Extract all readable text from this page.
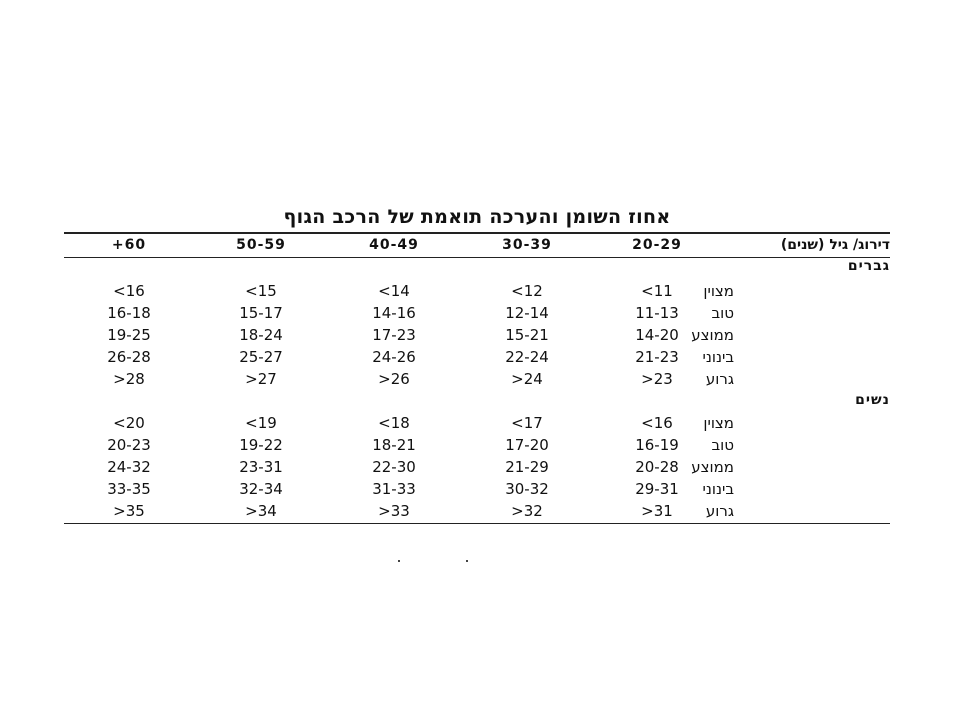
אחוז השומן והערכה תואמת של הרכב הגוף
דירוג/ גיל (שנים)
20-29
30-39
40-49
50-59
+60
גברים
מצוין
<11
<12
<14
<15
<16
טוב
11-13
12-14
14-16
15-17
16-18
ממוצע
14-20
15-21
17-23
18-24
19-25
בינוני
21-23
22-24
24-26
25-27
26-28
גרוע
>23
>24
>26
>27
>28
נשים
מצוין
<16
<17
<18
<19
<20
טוב
16-19
17-20
18-21
19-22
20-23
ממוצע
20-28
21-29
22-30
23-31
24-32
בינוני
29-31
30-32
31-33
32-34
33-35
גרוע
>31
>32
>33
>34
>35
